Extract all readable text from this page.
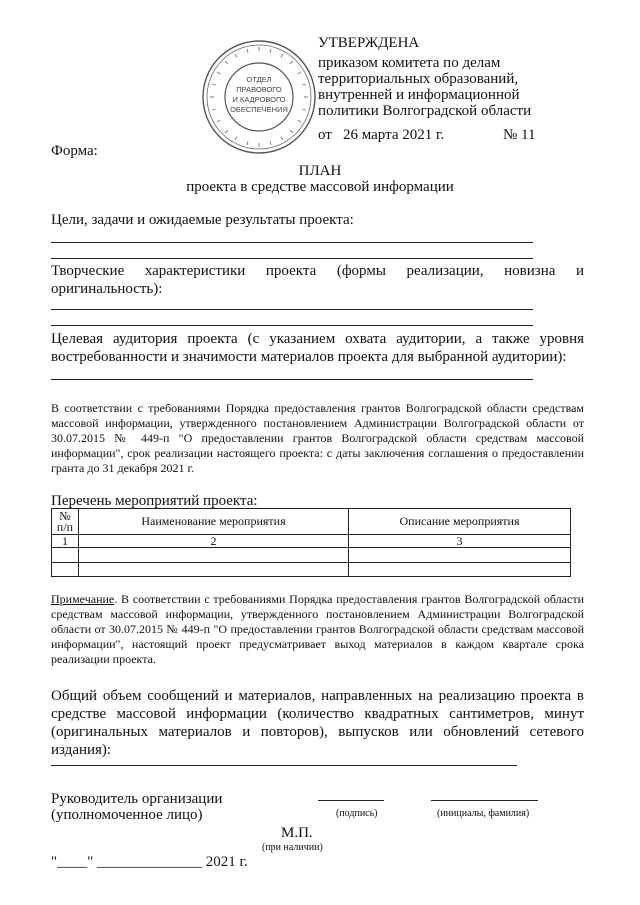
УТВЕРЖДЕНА
приказом комитета по делам
территориальных образований,
внутренней и информационной
политики Волгоградской области
от 26 марта 2021 г.	№ 11
ОТДЕЛ
ПРАВОВОГО
И КАДРОВОГО
ОБЕСПЕЧЕНИЯ
Форма:
ПЛАН
проекта в средстве массовой информации
Цели, задачи и ожидаемые результаты проекта:
Творческие характеристики проекта (формы реализации, новизна и
оригинальность):
Целевая аудитория проекта (с указанием охвата аудитории, а также уровня
востребованности и значимости материалов проекта для выбранной аудитории):
В соответствии с требованиями Порядка предоставления грантов Волгоградской области средствам массовой информации, утвержденного постановлением Администрации Волгоградской области от 30.07.2015 № 449-п "О предоставлении грантов Волгоградской области средствам массовой информации", срок реализации настоящего проекта: с даты заключения соглашения о предоставлении гранта до 31 декабря 2021 г.
Перечень мероприятий проекта:
№ п/п	Наименование мероприятия	Описание мероприятия
1	2	3

Примечание. В соответствии с требованиями Порядка предоставления грантов Волгоградской области средствам массовой информации, утвержденного постановлением Администрации Волгоградской области от 30.07.2015 № 449-п "О предоставлении грантов Волгоградской области средствам массовой информации", настоящий проект предусматривает выход материалов в каждом квартале срока реализации проекта.
Общий объем сообщений и материалов, направленных на реализацию проекта в средстве массовой информации (количество квадратных сантиметров, минут (оригинальных материалов и повторов), выпусков или обновлений сетевого издания):
Руководитель организации
(уполномоченное лицо)	(подпись)	(инициалы, фамилия)
М.П.
(при наличии)
"____" ______________ 2021 г.
